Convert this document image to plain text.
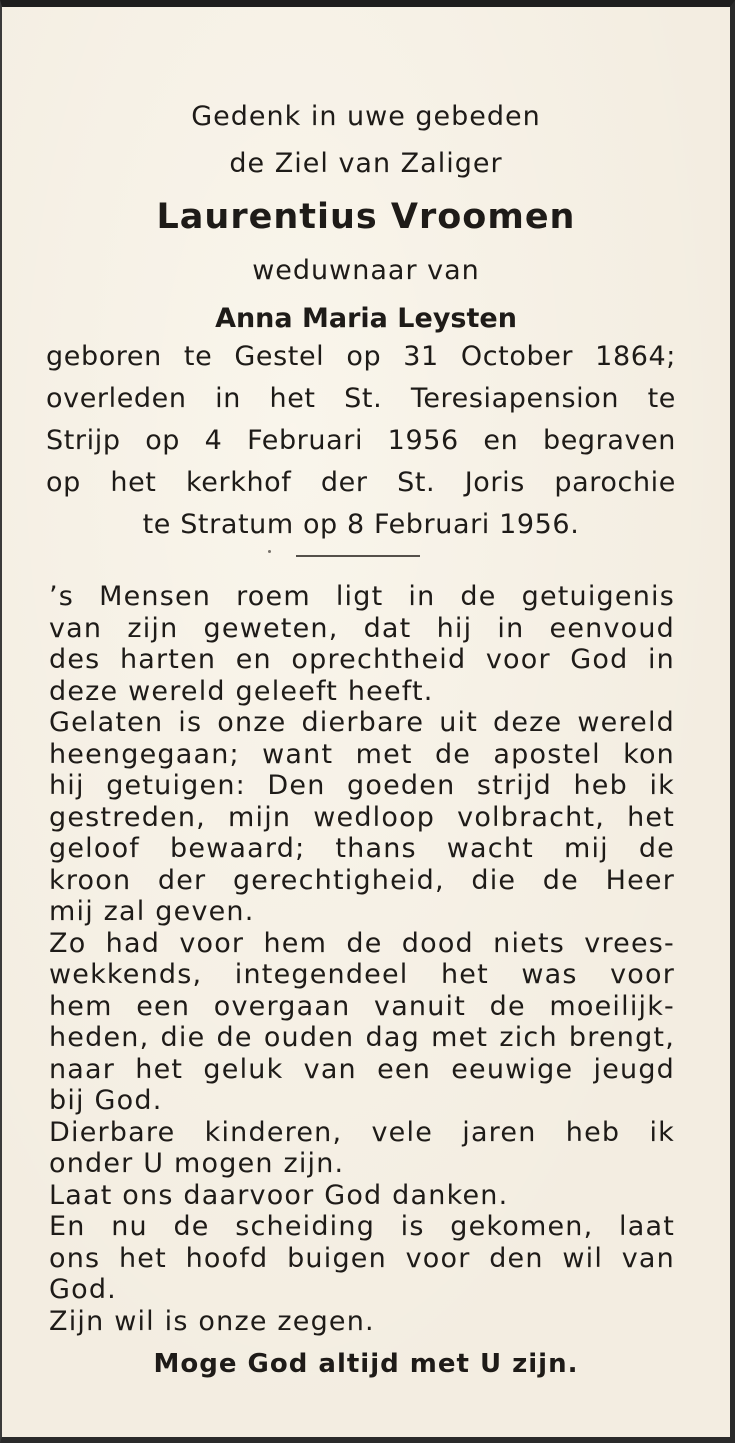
Gedenk in uwe gebeden
de Ziel van Zaliger
Laurentius Vroomen
weduwnaar van
Anna Maria Leysten
geboren te Gestel op 31 October 1864;
overleden in het St. Teresiapension te
Strijp op 4 Februari 1956 en begraven
op het kerkhof der St. Joris parochie
te Stratum op 8 Februari 1956.
’s Mensen roem ligt in de getuigenis
van zijn geweten, dat hij in eenvoud
des harten en oprechtheid voor God in
deze wereld geleeft heeft.
Gelaten is onze dierbare uit deze wereld
heengegaan; want met de apostel kon
hij getuigen: Den goeden strijd heb ik
gestreden, mijn wedloop volbracht, het
geloof bewaard; thans wacht mij de
kroon der gerechtigheid, die de Heer
mij zal geven.
Zo had voor hem de dood niets vrees-
wekkends, integendeel het was voor
hem een overgaan vanuit de moeilijk-
heden, die de ouden dag met zich brengt,
naar het geluk van een eeuwige jeugd
bij God.
Dierbare kinderen, vele jaren heb ik
onder U mogen zijn.
Laat ons daarvoor God danken.
En nu de scheiding is gekomen, laat
ons het hoofd buigen voor den wil van
God.
Zijn wil is onze zegen.
Moge God altijd met U zijn.
